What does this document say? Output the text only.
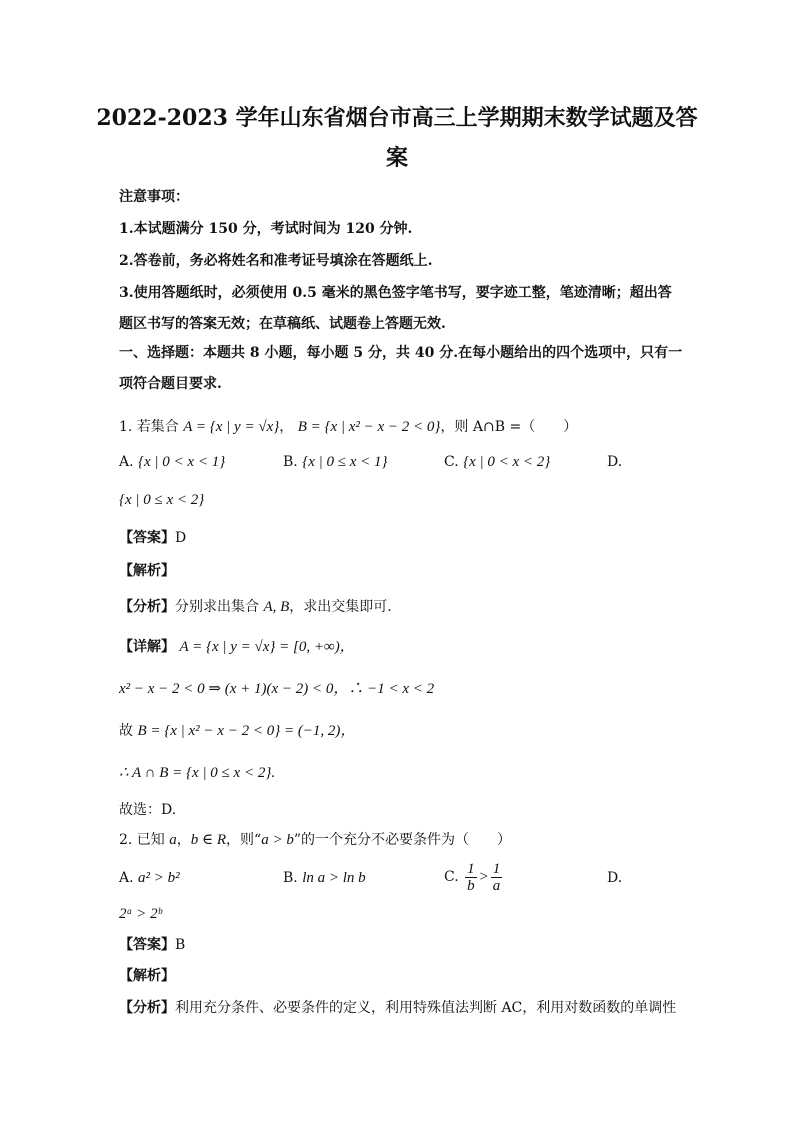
2022-2023 学年山东省烟台市高三上学期期末数学试题及答
案
注意事项：
1.本试题满分 150 分，考试时间为 120 分钟.
2.答卷前，务必将姓名和准考证号填涂在答题纸上.
3.使用答题纸时，必须使用 0.5 毫米的黑色签字笔书写，要字迹工整，笔迹清晰；超出答
题区书写的答案无效；在草稿纸、试题卷上答题无效.
一、选择题：本题共 8 小题，每小题 5 分，共 40 分.在每小题给出的四个选项中，只有一
项符合题目要求.
1. 若集合 A = {x | y = √x}， B = {x | x² − x − 2 < 0}，则 A∩B =（　　）
A. {x | 0 < x < 1}	B. {x | 0 ≤ x < 1}	C. {x | 0 < x < 2}	D.
{x | 0 ≤ x < 2}
【答案】D
【解析】
【分析】分别求出集合 A, B，求出交集即可.
【详解】 A = {x | y = √x} = [0, +∞)，
x² − x − 2 < 0 ⇒ (x + 1)(x − 2) < 0，∴ −1 < x < 2
故 B = {x | x² − x − 2 < 0} = (−1, 2)，
∴ A ∩ B = {x | 0 ≤ x < 2}.
故选：D.
2. 已知 a，b ∈ R，则“a > b”的一个充分不必要条件为（　　）
A. a² > b²	B. ln a > ln b	C. $\frac{1}{b} > \frac{1}{a}$	D.
2ᵃ > 2ᵇ
【答案】B
【解析】
【分析】利用充分条件、必要条件的定义，利用特殊值法判断 AC，利用对数函数的单调性
